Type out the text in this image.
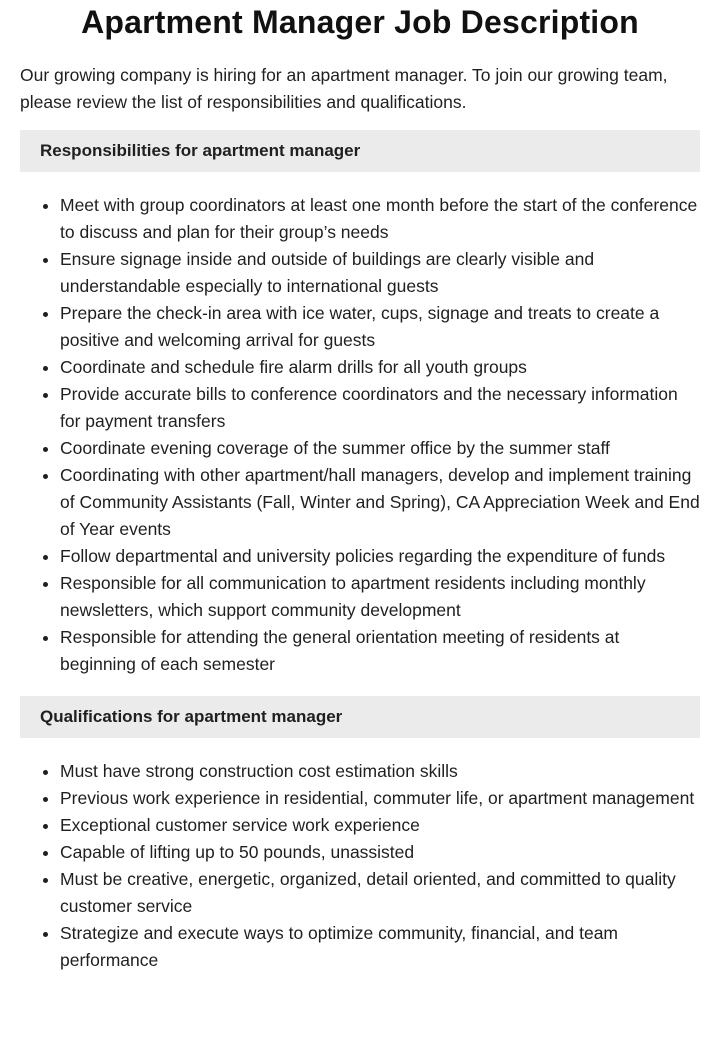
Apartment Manager Job Description

Our growing company is hiring for an apartment manager. To join our growing team, please review the list of responsibilities and qualifications.

Responsibilities for apartment manager
Meet with group coordinators at least one month before the start of the conference to discuss and plan for their group’s needs
Ensure signage inside and outside of buildings are clearly visible and understandable especially to international guests
Prepare the check-in area with ice water, cups, signage and treats to create a positive and welcoming arrival for guests
Coordinate and schedule fire alarm drills for all youth groups
Provide accurate bills to conference coordinators and the necessary information for payment transfers
Coordinate evening coverage of the summer office by the summer staff
Coordinating with other apartment/hall managers, develop and implement training of Community Assistants (Fall, Winter and Spring), CA Appreciation Week and End of Year events
Follow departmental and university policies regarding the expenditure of funds
Responsible for all communication to apartment residents including monthly newsletters, which support community development
Responsible for attending the general orientation meeting of residents at beginning of each semester
Qualifications for apartment manager
Must have strong construction cost estimation skills
Previous work experience in residential, commuter life, or apartment management
Exceptional customer service work experience
Capable of lifting up to 50 pounds, unassisted
Must be creative, energetic, organized, detail oriented, and committed to quality customer service
Strategize and execute ways to optimize community, financial, and team performance
